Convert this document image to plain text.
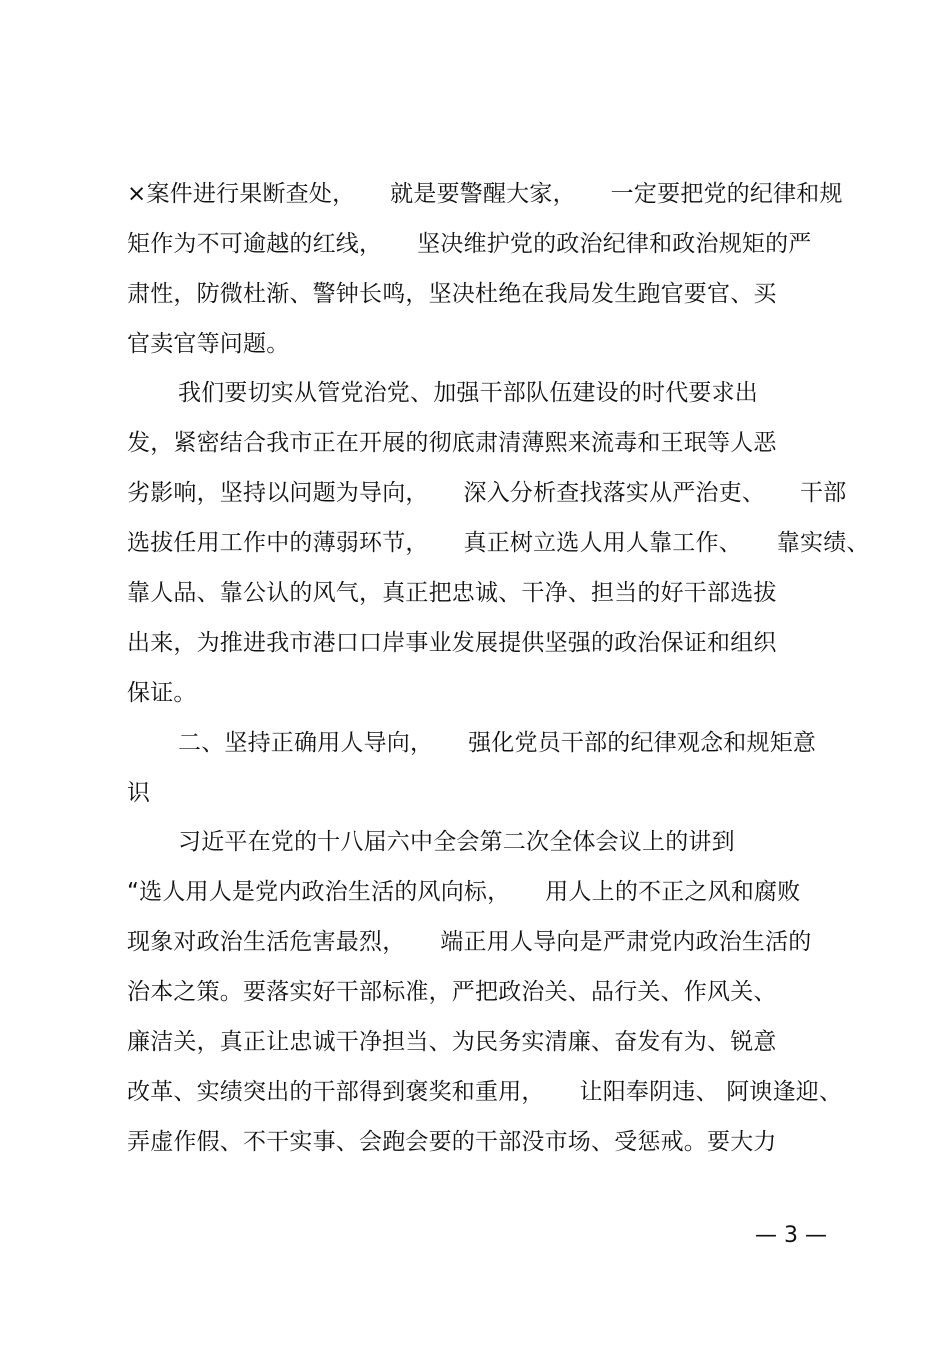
×案件进行果断查处，　　就是要警醒大家，　　一定要把党的纪律和规
矩作为不可逾越的红线，　　坚决维护党的政治纪律和政治规矩的严
肃性，防微杜渐、警钟长鸣，坚决杜绝在我局发生跑官要官、买
官卖官等问题。
我们要切实从管党治党、加强干部队伍建设的时代要求出
发，紧密结合我市正在开展的彻底肃清薄熙来流毒和王珉等人恶
劣影响，坚持以问题为导向，　　深入分析查找落实从严治吏、　　干部
选拔任用工作中的薄弱环节，　　真正树立选人用人靠工作、　　靠实绩、
靠人品、靠公认的风气，真正把忠诚、干净、担当的好干部选拔
出来，为推进我市港口口岸事业发展提供坚强的政治保证和组织
保证。
二、坚持正确用人导向，　　强化党员干部的纪律观念和规矩意
识
习近平在党的十八届六中全会第二次全体会议上的讲到
“选人用人是党内政治生活的风向标，　　用人上的不正之风和腐败
现象对政治生活危害最烈，　　端正用人导向是严肃党内政治生活的
治本之策。要落实好干部标准，严把政治关、品行关、作风关、
廉洁关，真正让忠诚干净担当、为民务实清廉、奋发有为、锐意
改革、实绩突出的干部得到褒奖和重用，　　让阳奉阴违、 阿谀逢迎、
弄虚作假、不干实事、会跑会要的干部没市场、受惩戒。要大力
— 3 —
